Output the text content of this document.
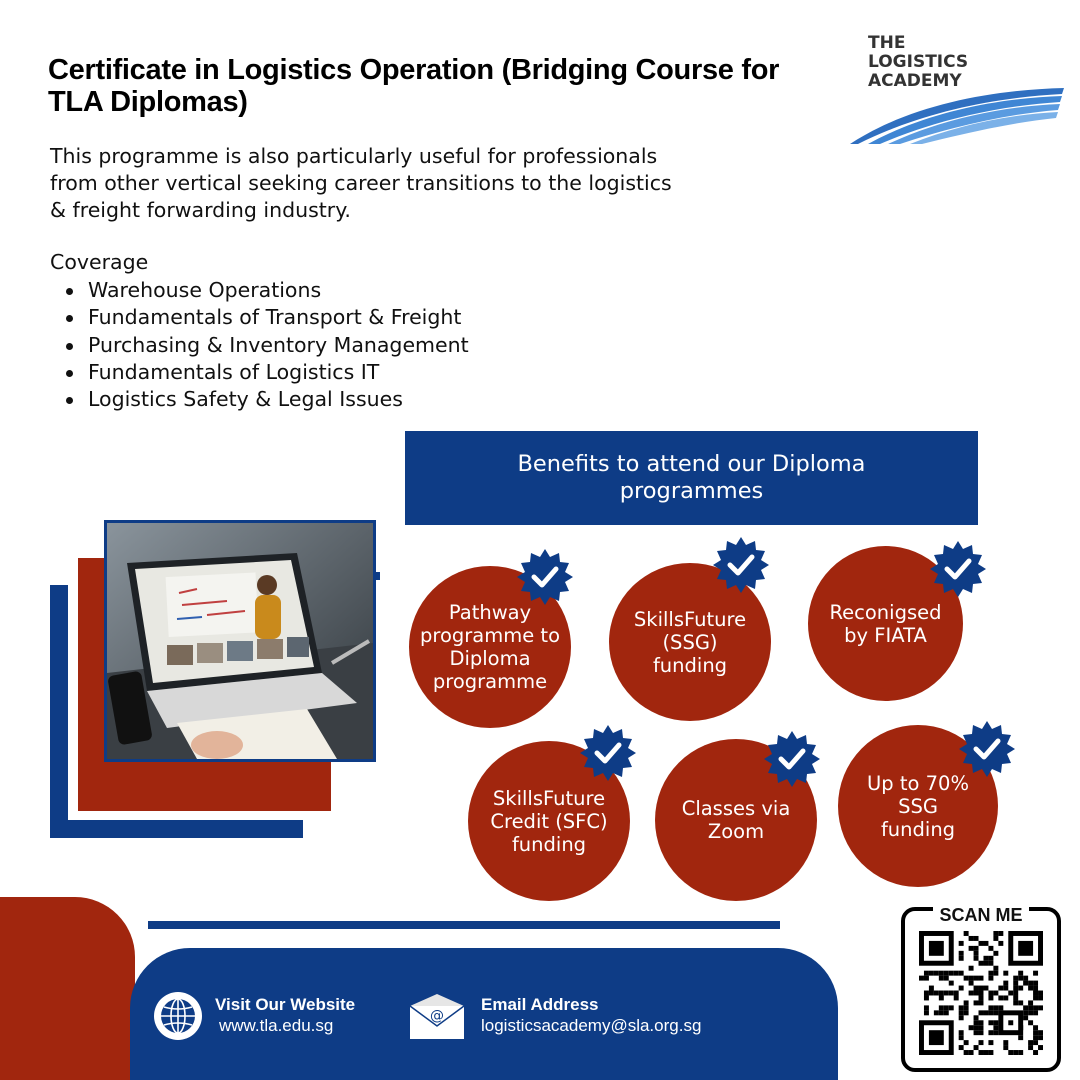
Certificate in Logistics Operation (Bridging Course for TLA Diplomas)
THE
LOGISTICS
ACADEMY

This programme is also particularly useful for professionals from other vertical seeking career transitions to the logistics & freight forwarding industry.

Coverage
Warehouse Operations
Fundamentals of Transport & Freight
Purchasing & Inventory Management
Fundamentals of Logistics IT
Logistics Safety & Legal Issues
Benefits to attend our Diploma programmes
Pathway programme to Diploma programme
SkillsFuture (SSG) funding
Reconigsed by FIATA
SkillsFuture Credit (SFC) funding
Classes via Zoom
Up to 70% SSG funding
Visit Our Website
www.tla.edu.sg	@
Email Address
logisticsacademy@sla.org.sg
SCAN ME
